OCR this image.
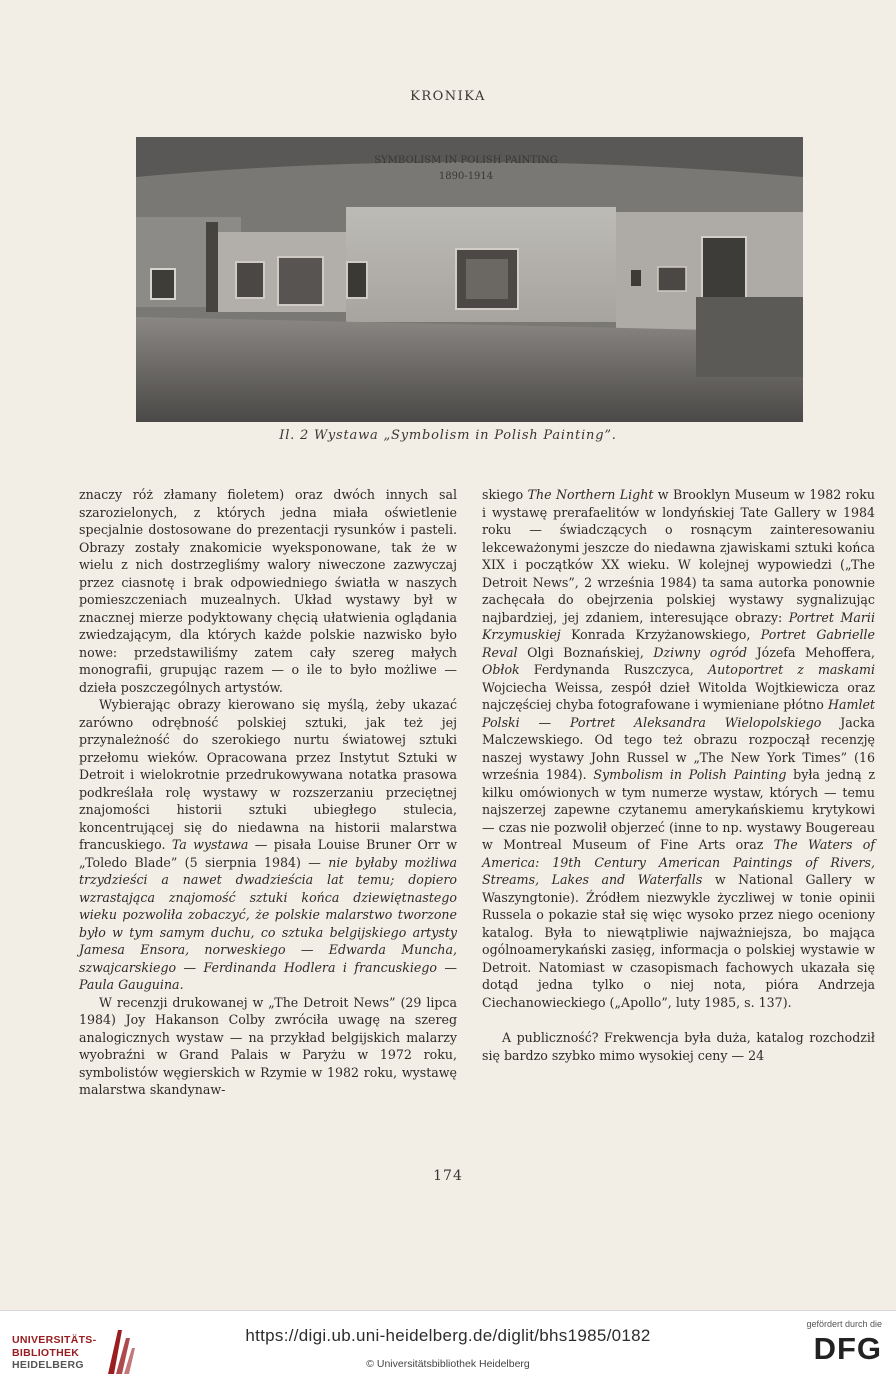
KRONIKA
SYMBOLISM IN POLISH PAINTING
1890-1914
Il. 2 Wystawa „Symbolism in Polish Painting”.

znaczy róż złamany fioletem) oraz dwóch innych sal szarozielonych, z których jedna miała oświetlenie specjalnie dostosowane do prezentacji rysunków i pasteli. Obrazy zostały znakomicie wyeksponowane, tak że w wielu z nich dostrzegliśmy walory niweczone zazwyczaj przez ciasnotę i brak odpowiedniego światła w naszych pomieszczeniach muzealnych. Układ wystawy był w znacznej mierze podyktowany chęcią ułatwienia oglądania zwiedzającym, dla których każde polskie nazwisko było nowe: przedstawiliśmy zatem cały szereg małych monografii, grupując razem — o ile to było możliwe — dzieła poszczególnych artystów.

Wybierając obrazy kierowano się myślą, żeby ukazać zarówno odrębność polskiej sztuki, jak też jej przynależność do szerokiego nurtu światowej sztuki przełomu wieków. Opracowana przez Instytut Sztuki w Detroit i wielokrotnie przedrukowywana notatka prasowa podkreślała rolę wystawy w rozszerzaniu przeciętnej znajomości historii sztuki ubiegłego stulecia, koncentrującej się do niedawna na historii malarstwa francuskiego. Ta wystawa — pisała Louise Bruner Orr w „Toledo Blade” (5 sierpnia 1984) — nie byłaby możliwa trzydzieści a nawet dwadzieścia lat temu; dopiero wzrastająca znajomość sztuki końca dziewiętnastego wieku pozwoliła zobaczyć, że polskie malarstwo tworzone było w tym samym duchu, co sztuka belgijskiego artysty Jamesa Ensora, norweskiego — Edwarda Muncha, szwajcarskiego — Ferdinanda Hodlera i francuskiego — Paula Gauguina.

W recenzji drukowanej w „The Detroit News” (29 lipca 1984) Joy Hakanson Colby zwróciła uwagę na szereg analogicznych wystaw — na przykład belgijskich malarzy wyobraźni w Grand Palais w Paryżu w 1972 roku, symbolistów węgierskich w Rzymie w 1982 roku, wystawę malarstwa skandynaw-

skiego The Northern Light w Brooklyn Museum w 1982 roku i wystawę prerafaelitów w londyńskiej Tate Gallery w 1984 roku — świadczących o rosnącym zainteresowaniu lekceważonymi jeszcze do niedawna zjawiskami sztuki końca XIX i początków XX wieku. W kolejnej wypowiedzi („The Detroit News”, 2 września 1984) ta sama autorka ponownie zachęcała do obejrzenia polskiej wystawy sygnalizując najbardziej, jej zdaniem, interesujące obrazy: Portret Marii Krzymuskiej Konrada Krzyżanowskiego, Portret Gabrielle Reval Olgi Boznańskiej, Dziwny ogród Józefa Mehoffera, Obłok Ferdynanda Ruszczyca, Autoportret z maskami Wojciecha Weissa, zespół dzieł Witolda Wojtkiewicza oraz najczęściej chyba fotografowane i wymieniane płótno Hamlet Polski — Portret Aleksandra Wielopolskiego Jacka Malczewskiego. Od tego też obrazu rozpoczął recenzję naszej wystawy John Russel w „The New York Times” (16 września 1984). Symbolism in Polish Painting była jedną z kilku omówionych w tym numerze wystaw, których — temu najszerzej zapewne czytanemu amerykańskiemu krytykowi — czas nie pozwolił objerzeć (inne to np. wystawy Bougereau w Montreal Museum of Fine Arts oraz The Waters of America: 19th Century American Paintings of Rivers, Streams, Lakes and Waterfalls w National Gallery w Waszyngtonie). Źródłem niezwykle życzliwej w tonie opinii Russela o pokazie stał się więc wysoko przez niego oceniony katalog. Była to niewątpliwie najważniejsza, bo mająca ogólnoamerykański zasięg, informacja o polskiej wystawie w Detroit. Natomiast w czasopismach fachowych ukazała się dotąd jedna tylko o niej nota, pióra Andrzeja Ciechanowieckiego („Apollo”, luty 1985, s. 137).

A publiczność? Frekwencja była duża, katalog rozchodził się bardzo szybko mimo wysokiej ceny — 24

174
UNIVERSITÄTS-
BIBLIOTHEK
HEIDELBERG
https://digi.ub.uni-heidelberg.de/diglit/bhs1985/0182
© Universitätsbibliothek Heidelberg
gefördert durch die
DFG
